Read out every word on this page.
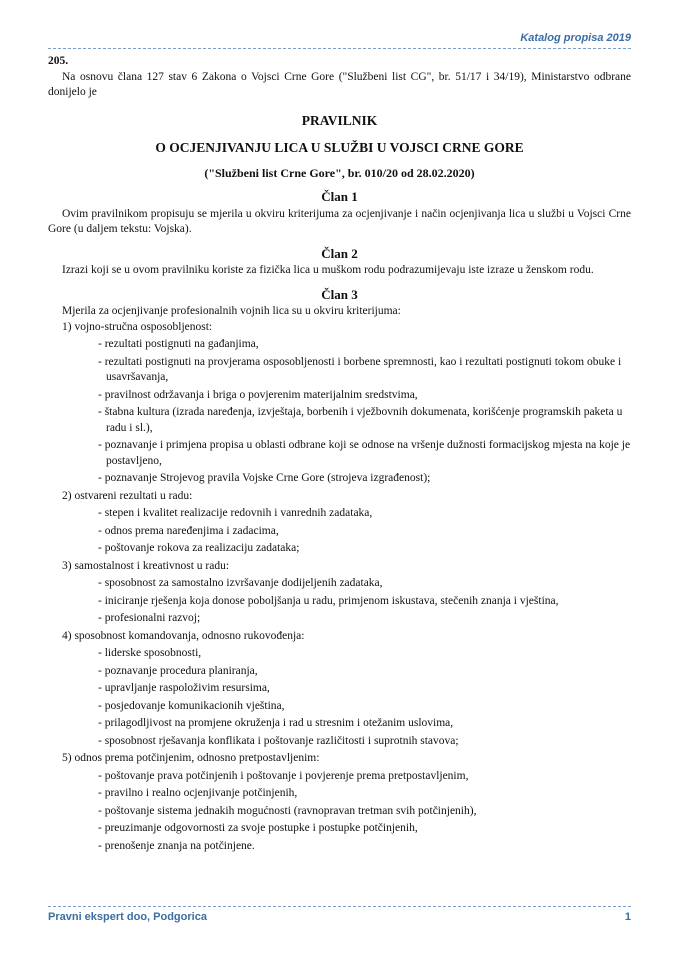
Katalog propisa 2019

205.

Na osnovu člana 127 stav 6 Zakona o Vojsci Crne Gore ("Službeni list CG", br. 51/17 i 34/19), Ministarstvo odbrane donijelo je

PRAVILNIK

O OCJENJIVANJU LICA U SLUŽBI U VOJSCI CRNE GORE

("Službeni list Crne Gore", br. 010/20 od 28.02.2020)

Član 1

Ovim pravilnikom propisuju se mjerila u okviru kriterijuma za ocjenjivanje i način ocjenjivanja lica u službi u Vojsci Crne Gore (u daljem tekstu: Vojska).

Član 2

Izrazi koji se u ovom pravilniku koriste za fizička lica u muškom rodu podrazumijevaju iste izraze u ženskom rodu.

Član 3

Mjerila za ocjenjivanje profesionalnih vojnih lica su u okviru kriterijuma:

1) vojno-stručna osposobljenost:

- rezultati postignuti na gađanjima,
- rezultati postignuti na provjerama osposobljenosti i borbene spremnosti, kao i rezultati postignuti tokom obuke i usavršavanja,
- pravilnost održavanja i briga o povjerenim materijalnim sredstvima,
- štabna kultura (izrada naređenja, izvještaja, borbenih i vježbovnih dokumenata, korišćenje programskih paketa u radu i sl.),
- poznavanje i primjena propisa u oblasti odbrane koji se odnose na vršenje dužnosti formacijskog mjesta na koje je postavljeno,
- poznavanje Strojevog pravila Vojske Crne Gore (strojeva izgrađenost);

2) ostvareni rezultati u radu:

- stepen i kvalitet realizacije redovnih i vanrednih zadataka,
- odnos prema naređenjima i zadacima,
- poštovanje rokova za realizaciju zadataka;

3) samostalnost i kreativnost u radu:

- sposobnost za samostalno izvršavanje dodijeljenih zadataka,
- iniciranje rješenja koja donose poboljšanja u radu, primjenom iskustava, stečenih znanja i vještina,
- profesionalni razvoj;

4) sposobnost komandovanja, odnosno rukovođenja:

- liderske sposobnosti,
- poznavanje procedura planiranja,
- upravljanje raspoloživim resursima,
- posjedovanje komunikacionih vještina,
- prilagodljivost na promjene okruženja i rad u stresnim i otežanim uslovima,
- sposobnost rješavanja konflikata i poštovanje različitosti i suprotnih stavova;

5) odnos prema potčinjenim, odnosno pretpostavljenim:

- poštovanje prava potčinjenih i poštovanje i povjerenje prema pretpostavljenim,
- pravilno i realno ocjenjivanje potčinjenih,
- poštovanje sistema jednakih mogućnosti (ravnopravan tretman svih potčinjenih),
- preuzimanje odgovornosti za svoje postupke i postupke potčinjenih,
- prenošenje znanja na potčinjene.
Pravni ekspert doo, Podgorica	1
